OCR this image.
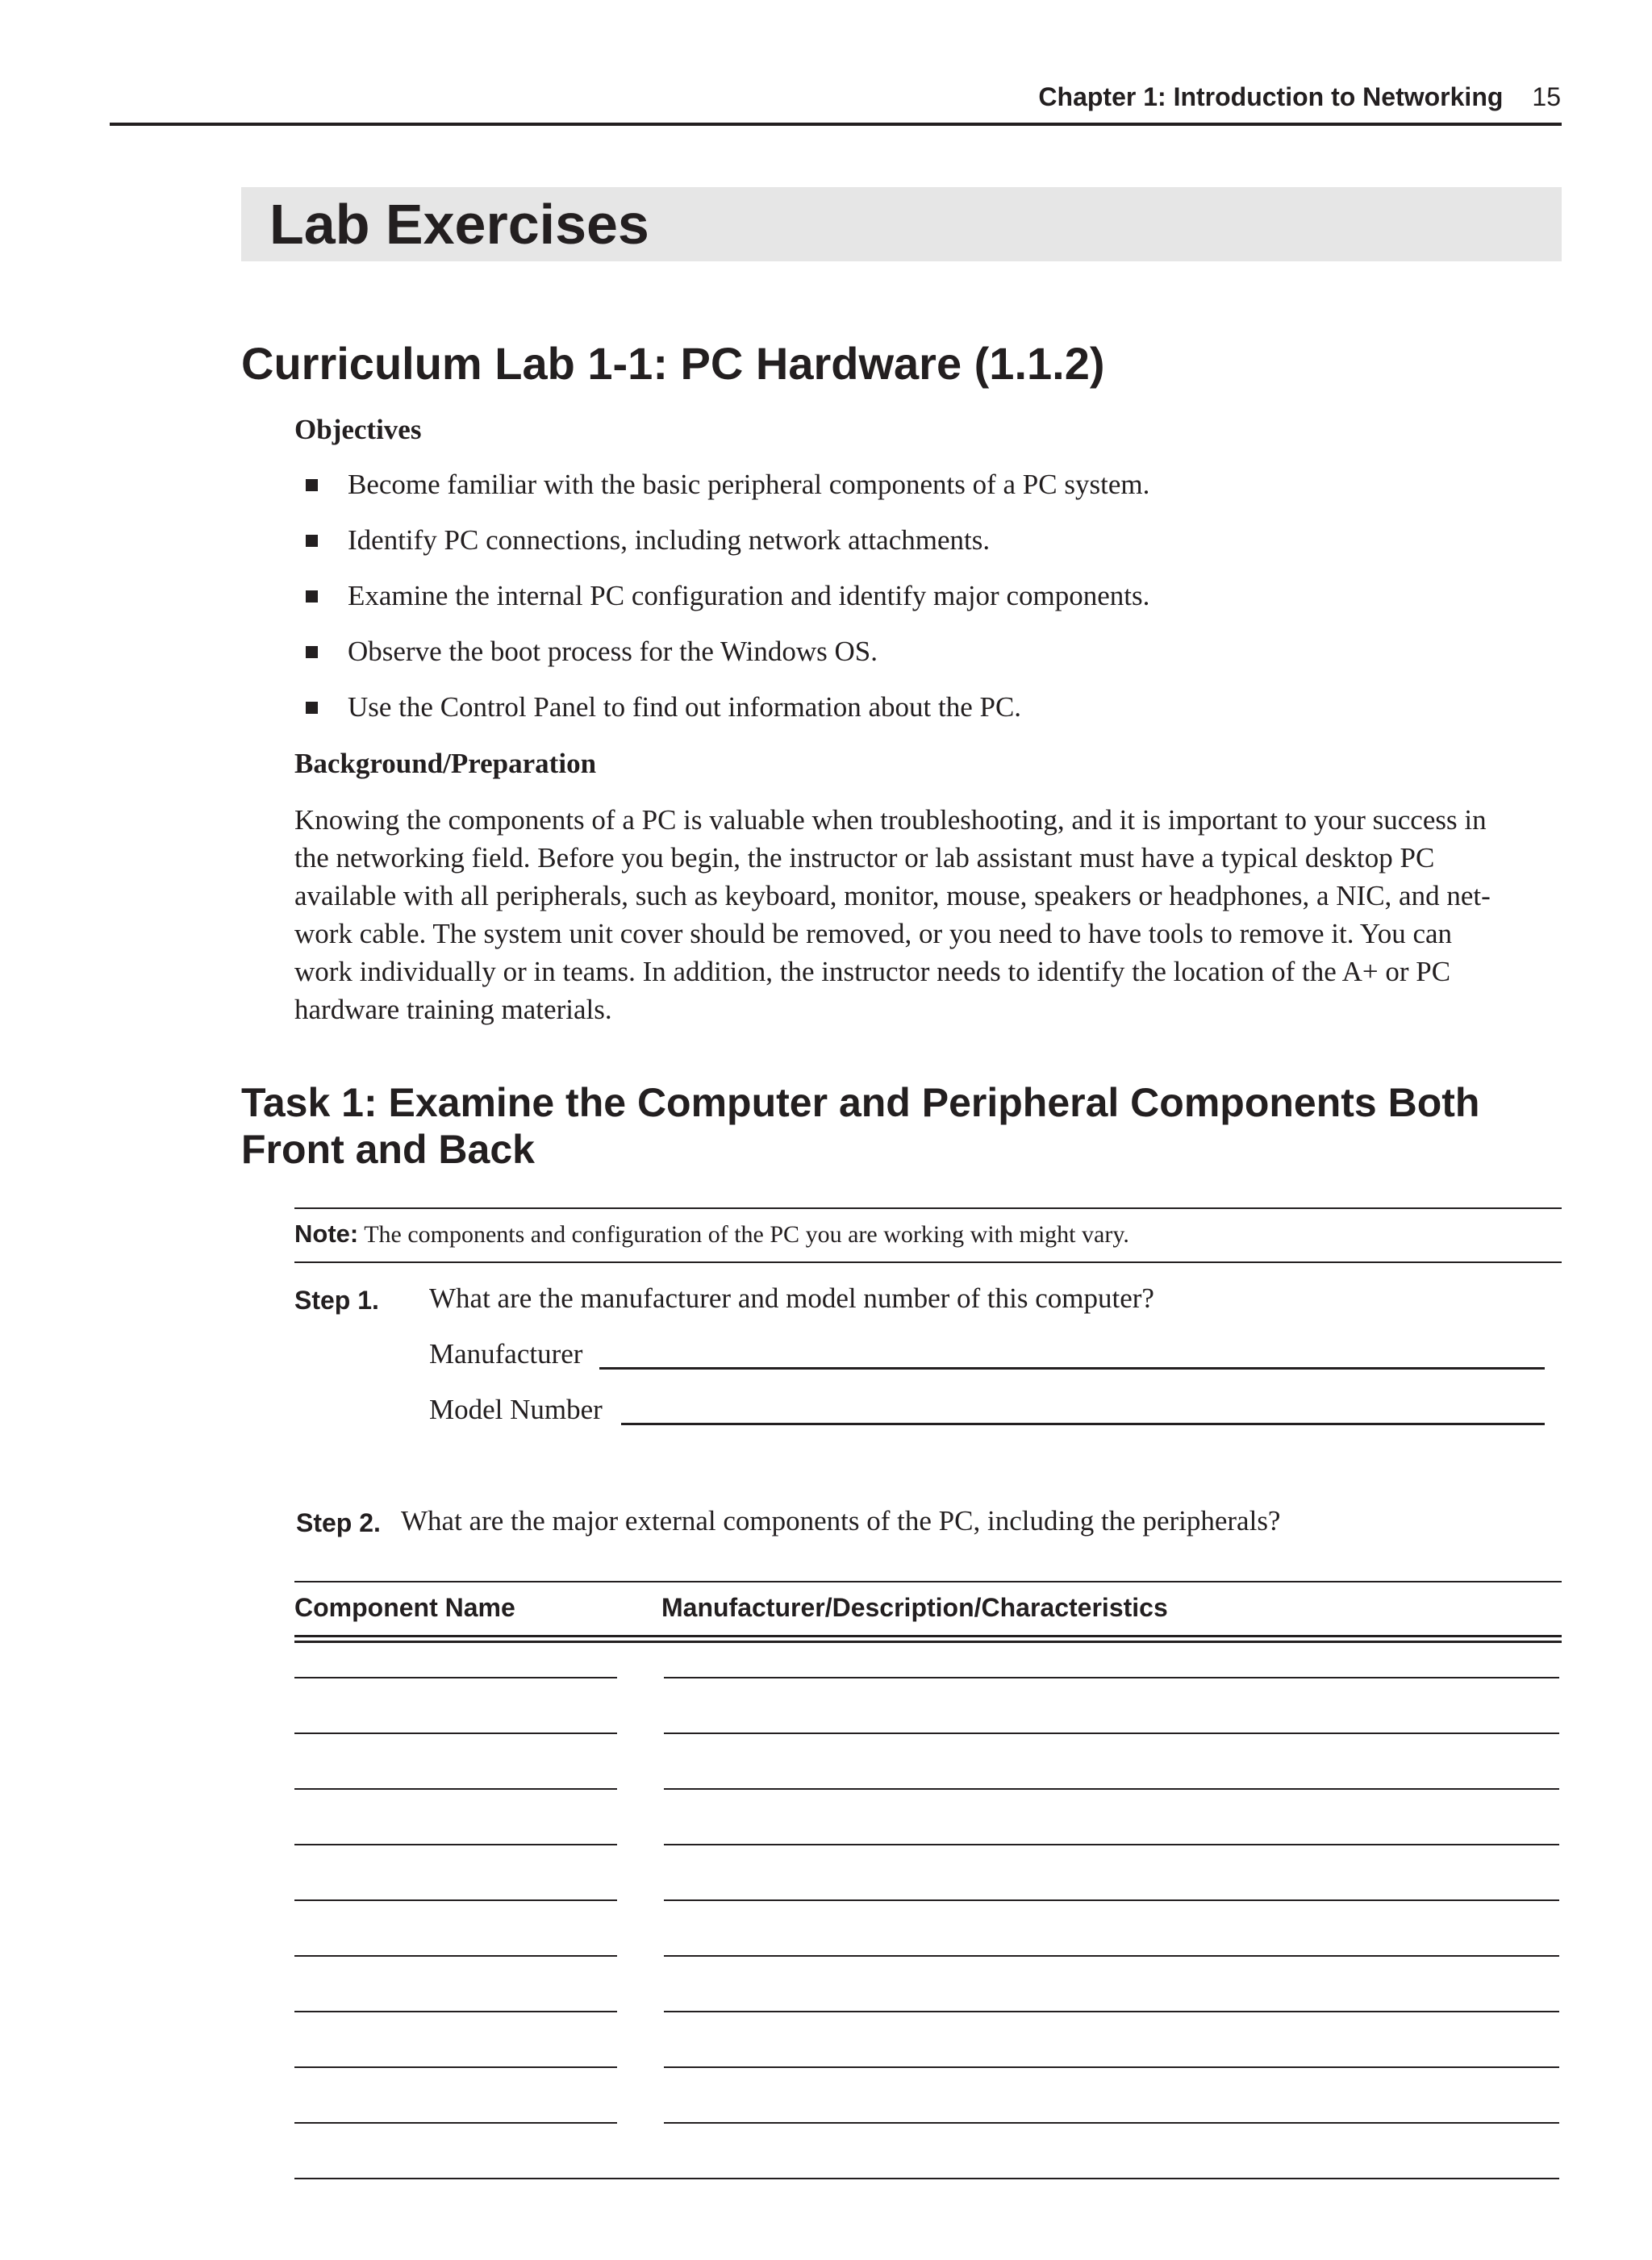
Chapter 1: Introduction to Networking 15
Lab Exercises
Curriculum Lab 1-1: PC Hardware (1.1.2)
Objectives
Become familiar with the basic peripheral components of a PC system.
Identify PC connections, including network attachments.
Examine the internal PC configuration and identify major components.
Observe the boot process for the Windows OS.
Use the Control Panel to find out information about the PC.
Background/Preparation
Knowing the components of a PC is valuable when troubleshooting, and it is important to your success in
the networking field. Before you begin, the instructor or lab assistant must have a typical desktop PC
available with all peripherals, such as keyboard, monitor, mouse, speakers or headphones, a NIC, and net-
work cable. The system unit cover should be removed, or you need to have tools to remove it. You can
work individually or in teams. In addition, the instructor needs to identify the location of the A+ or PC
hardware training materials.
Task 1: Examine the Computer and Peripheral Components Both
Front and Back

Note: The components and configuration of the PC you are working with might vary.

Step 1. What are the manufacturer and model number of this computer?
Manufacturer
Model Number
Step 2. What are the major external components of the PC, including the peripherals?
Component Name	Manufacturer/Description/Characteristics
